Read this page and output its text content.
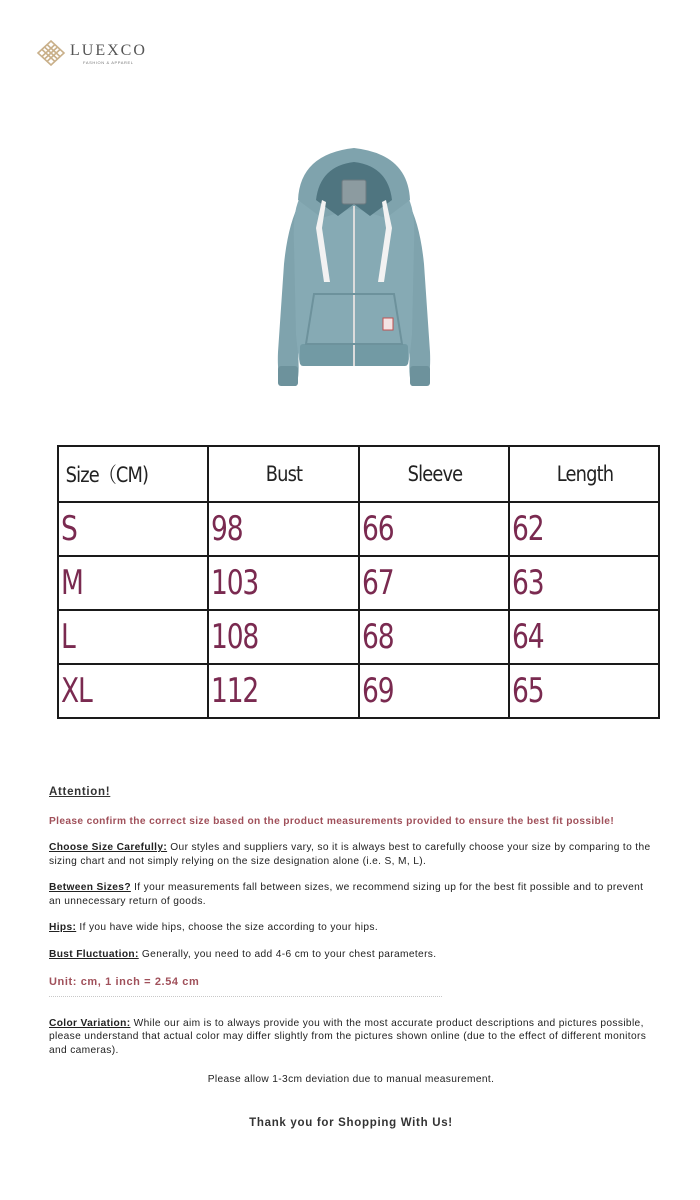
LUEXCO
FASHION & APPAREL
Size（CM)	Bust	Sleeve	Length
S	98	66	62
M	103	67	63
L	108	68	64
XL	112	69	65
Attention!
Please confirm the correct size based on the product measurements provided to ensure the best fit possible!
Choose Size Carefully: Our styles and suppliers vary, so it is always best to carefully choose your size by comparing to the sizing chart and not simply relying on the size designation alone (i.e. S, M, L).
Between Sizes? If your measurements fall between sizes, we recommend sizing up for the best fit possible and to prevent an unnecessary return of goods.
Hips: If you have wide hips, choose the size according to your hips.
Bust Fluctuation: Generally, you need to add 4-6 cm to your chest parameters.
Unit: cm, 1 inch = 2.54 cm
Color Variation: While our aim is to always provide you with the most accurate product descriptions and pictures possible, please understand that actual color may differ slightly from the pictures shown online (due to the effect of different monitors and cameras).
Please allow 1-3cm deviation due to manual measurement.
Thank you for Shopping With Us!
